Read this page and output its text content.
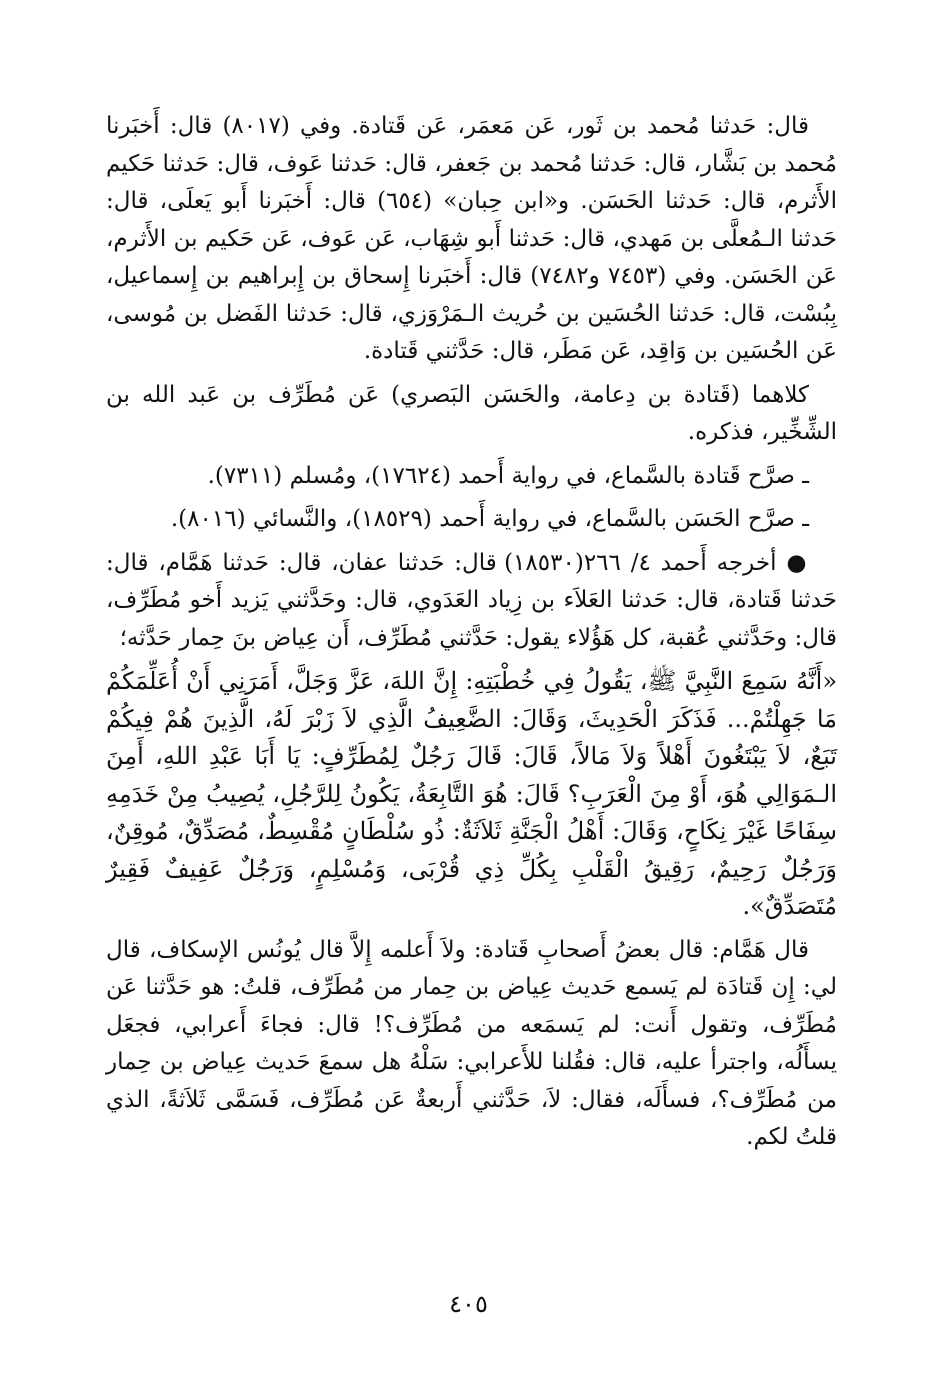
قال: حَدثنا مُحمد بن ثَور، عَن مَعمَر، عَن قَتادة. وفي (٨٠١٧) قال: أَخبَرنا مُحمد بن بَشَّار، قال: حَدثنا مُحمد بن جَعفر، قال: حَدثنا عَوف، قال: حَدثنا حَكيم الأَثرم، قال: حَدثنا الحَسَن. و«ابن حِبان» (٦٥٤) قال: أَخبَرنا أَبو يَعلَى، قال: حَدثنا الـمُعلَّى بن مَهدي، قال: حَدثنا أَبو شِهَاب، عَن عَوف، عَن حَكيم بن الأَثرم، عَن الحَسَن. وفي (٧٤٥٣ و٧٤٨٢) قال: أَخبَرنا إِسحاق بن إِبراهيم بن إِسماعيل، بِبُسْت، قال: حَدثنا الحُسَين بن حُريث الـمَرْوَزي، قال: حَدثنا الفَضل بن مُوسى، عَن الحُسَين بن وَاقِد، عَن مَطَر، قال: حَدَّثني قَتادة.

كلاهما (قَتادة بن دِعامة، والحَسَن البَصري) عَن مُطَرِّف بن عَبد الله بن الشِّخِّير، فذكره.

ـ صرَّح قَتادة بالسَّماع، في رواية أَحمد (١٧٦٢٤)، ومُسلم (٧٣١١).

ـ صرَّح الحَسَن بالسَّماع، في رواية أَحمد (١٨٥٢٩)، والنَّسائي (٨٠١٦).

● أخرجه أَحمد ٤/ ٢٦٦(١٨٥٣٠) قال: حَدثنا عفان، قال: حَدثنا هَمَّام، قال: حَدثنا قَتادة، قال: حَدثنا العَلاَء بن زِياد العَدَوي، قال: وحَدَّثني يَزيد أَخو مُطَرِّف، قال: وحَدَّثني عُقبة، كل هَؤُلاء يقول: حَدَّثني مُطَرِّف، أَن عِياض بنَ حِمار حَدَّثه؛

«أَنَّهُ سَمِعَ النَّبِيَّ ﷺ، يَقُولُ فِي خُطْبَتِهِ: إِنَّ اللهَ، عَزَّ وَجَلَّ، أَمَرَنِي أَنْ أُعَلِّمَكُمْ مَا جَهِلْتُمْ... فَذَكَرَ الْحَدِيثَ، وَقَالَ: الضَّعِيفُ الَّذِي لاَ زَبْرَ لَهُ، الَّذِينَ هُمْ فِيكُمْ تَبَعٌ، لاَ يَبْتَغُونَ أَهْلاً وَلاَ مَالاً، قَالَ: قَالَ رَجُلٌ لِمُطَرِّفٍ: يَا أَبَا عَبْدِ اللهِ، أَمِنَ الـمَوَالِي هُوَ، أَوْ مِنَ الْعَرَبِ؟ قَالَ: هُوَ التَّابِعَةُ، يَكُونُ لِلرَّجُلِ، يُصِيبُ مِنْ خَدَمِهِ سِفَاحًا غَيْرَ نِكَاحٍ، وَقَالَ: أَهْلُ الْجَنَّةِ ثَلاَثَةٌ: ذُو سُلْطَانٍ مُقْسِطٌ، مُصَدِّقٌ، مُوقِنٌ، وَرَجُلٌ رَحِيمٌ، رَقِيقُ الْقَلْبِ بِكُلِّ ذِي قُرْبَى، وَمُسْلِمٍ، وَرَجُلٌ عَفِيفٌ فَقِيرٌ مُتَصَدِّقٌ».

قال هَمَّام: قال بعضُ أَصحابِ قَتادة: ولاَ أَعلمه إِلاَّ قال يُونُس الإسكاف، قال لي: إِن قَتادَة لم يَسمع حَديث عِياض بن حِمار من مُطَرِّف، قلتُ: هو حَدَّثنا عَن مُطَرِّف، وتقول أَنت: لم يَسمَعه من مُطَرِّف؟! قال: فجاءَ أَعرابي، فجعَل يسأَلُه، واجترأ عليه، قال: فقُلنا للأَعرابي: سَلْهُ هل سمعَ حَديث عِياض بن حِمار من مُطَرِّف؟، فسأَلَه، فقال: لاَ، حَدَّثني أَربعةٌ عَن مُطَرِّف، فَسَمَّى ثَلاَثةً، الذي قلتُ لكم.

٤٠٥
